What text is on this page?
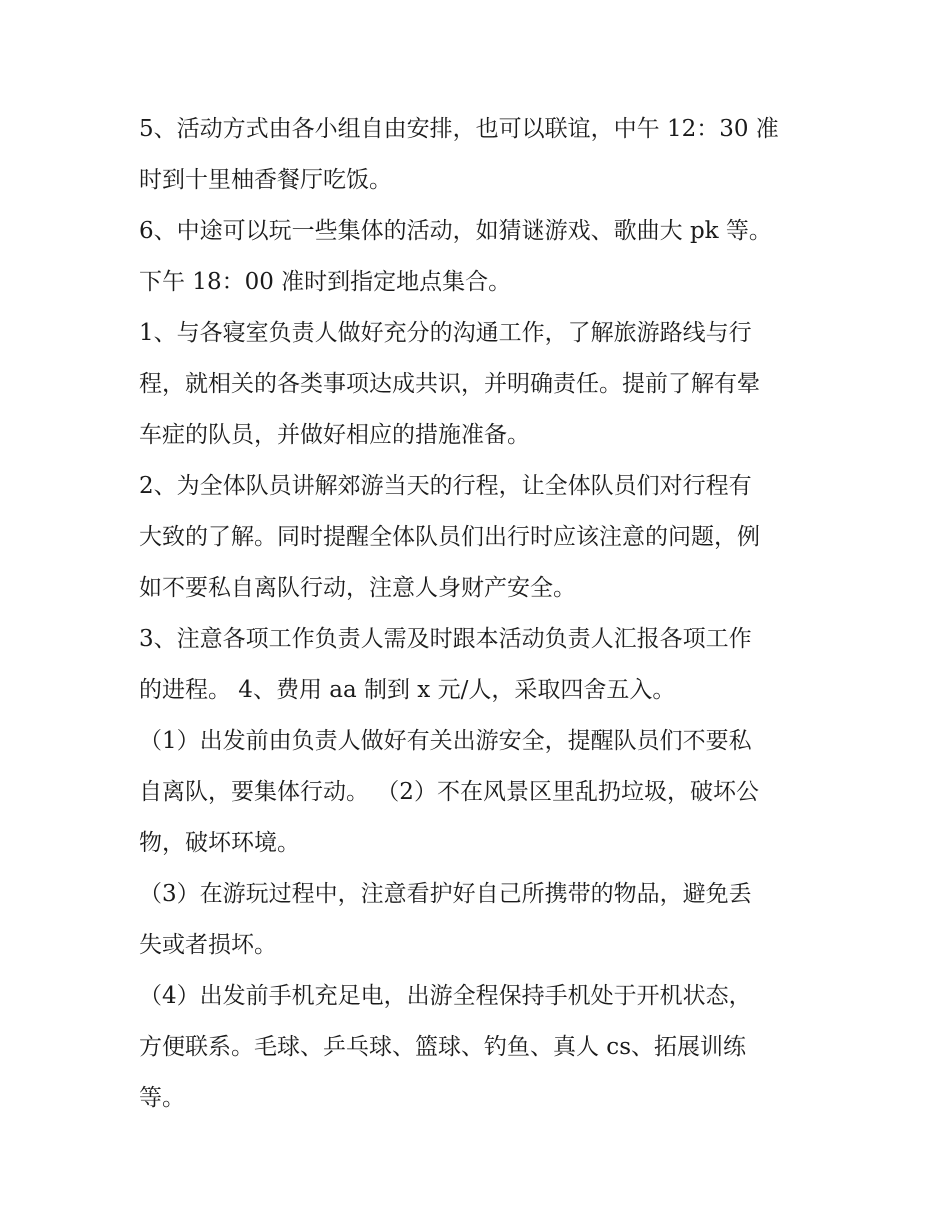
5、活动方式由各小组自由安排，也可以联谊，中午 12：30 准
时到十里柚香餐厅吃饭。

6、中途可以玩一些集体的活动，如猜谜游戏、歌曲大 pk 等。
下午 18：00 准时到指定地点集合。

1、与各寝室负责人做好充分的沟通工作，了解旅游路线与行
程，就相关的各类事项达成共识，并明确责任。提前了解有晕
车症的队员，并做好相应的措施准备。

2、为全体队员讲解郊游当天的行程，让全体队员们对行程有
大致的了解。同时提醒全体队员们出行时应该注意的问题，例
如不要私自离队行动，注意人身财产安全。

3、注意各项工作负责人需及时跟本活动负责人汇报各项工作
的进程。 4、费用 aa 制到 x 元/人，采取四舍五入。

（1）出发前由负责人做好有关出游安全，提醒队员们不要私
自离队，要集体行动。 （2）不在风景区里乱扔垃圾，破坏公
物，破坏环境。

（3）在游玩过程中，注意看护好自己所携带的物品，避免丢
失或者损坏。

（4）出发前手机充足电，出游全程保持手机处于开机状态，
方便联系。毛球、乒乓球、篮球、钓鱼、真人 cs、拓展训练
等。
